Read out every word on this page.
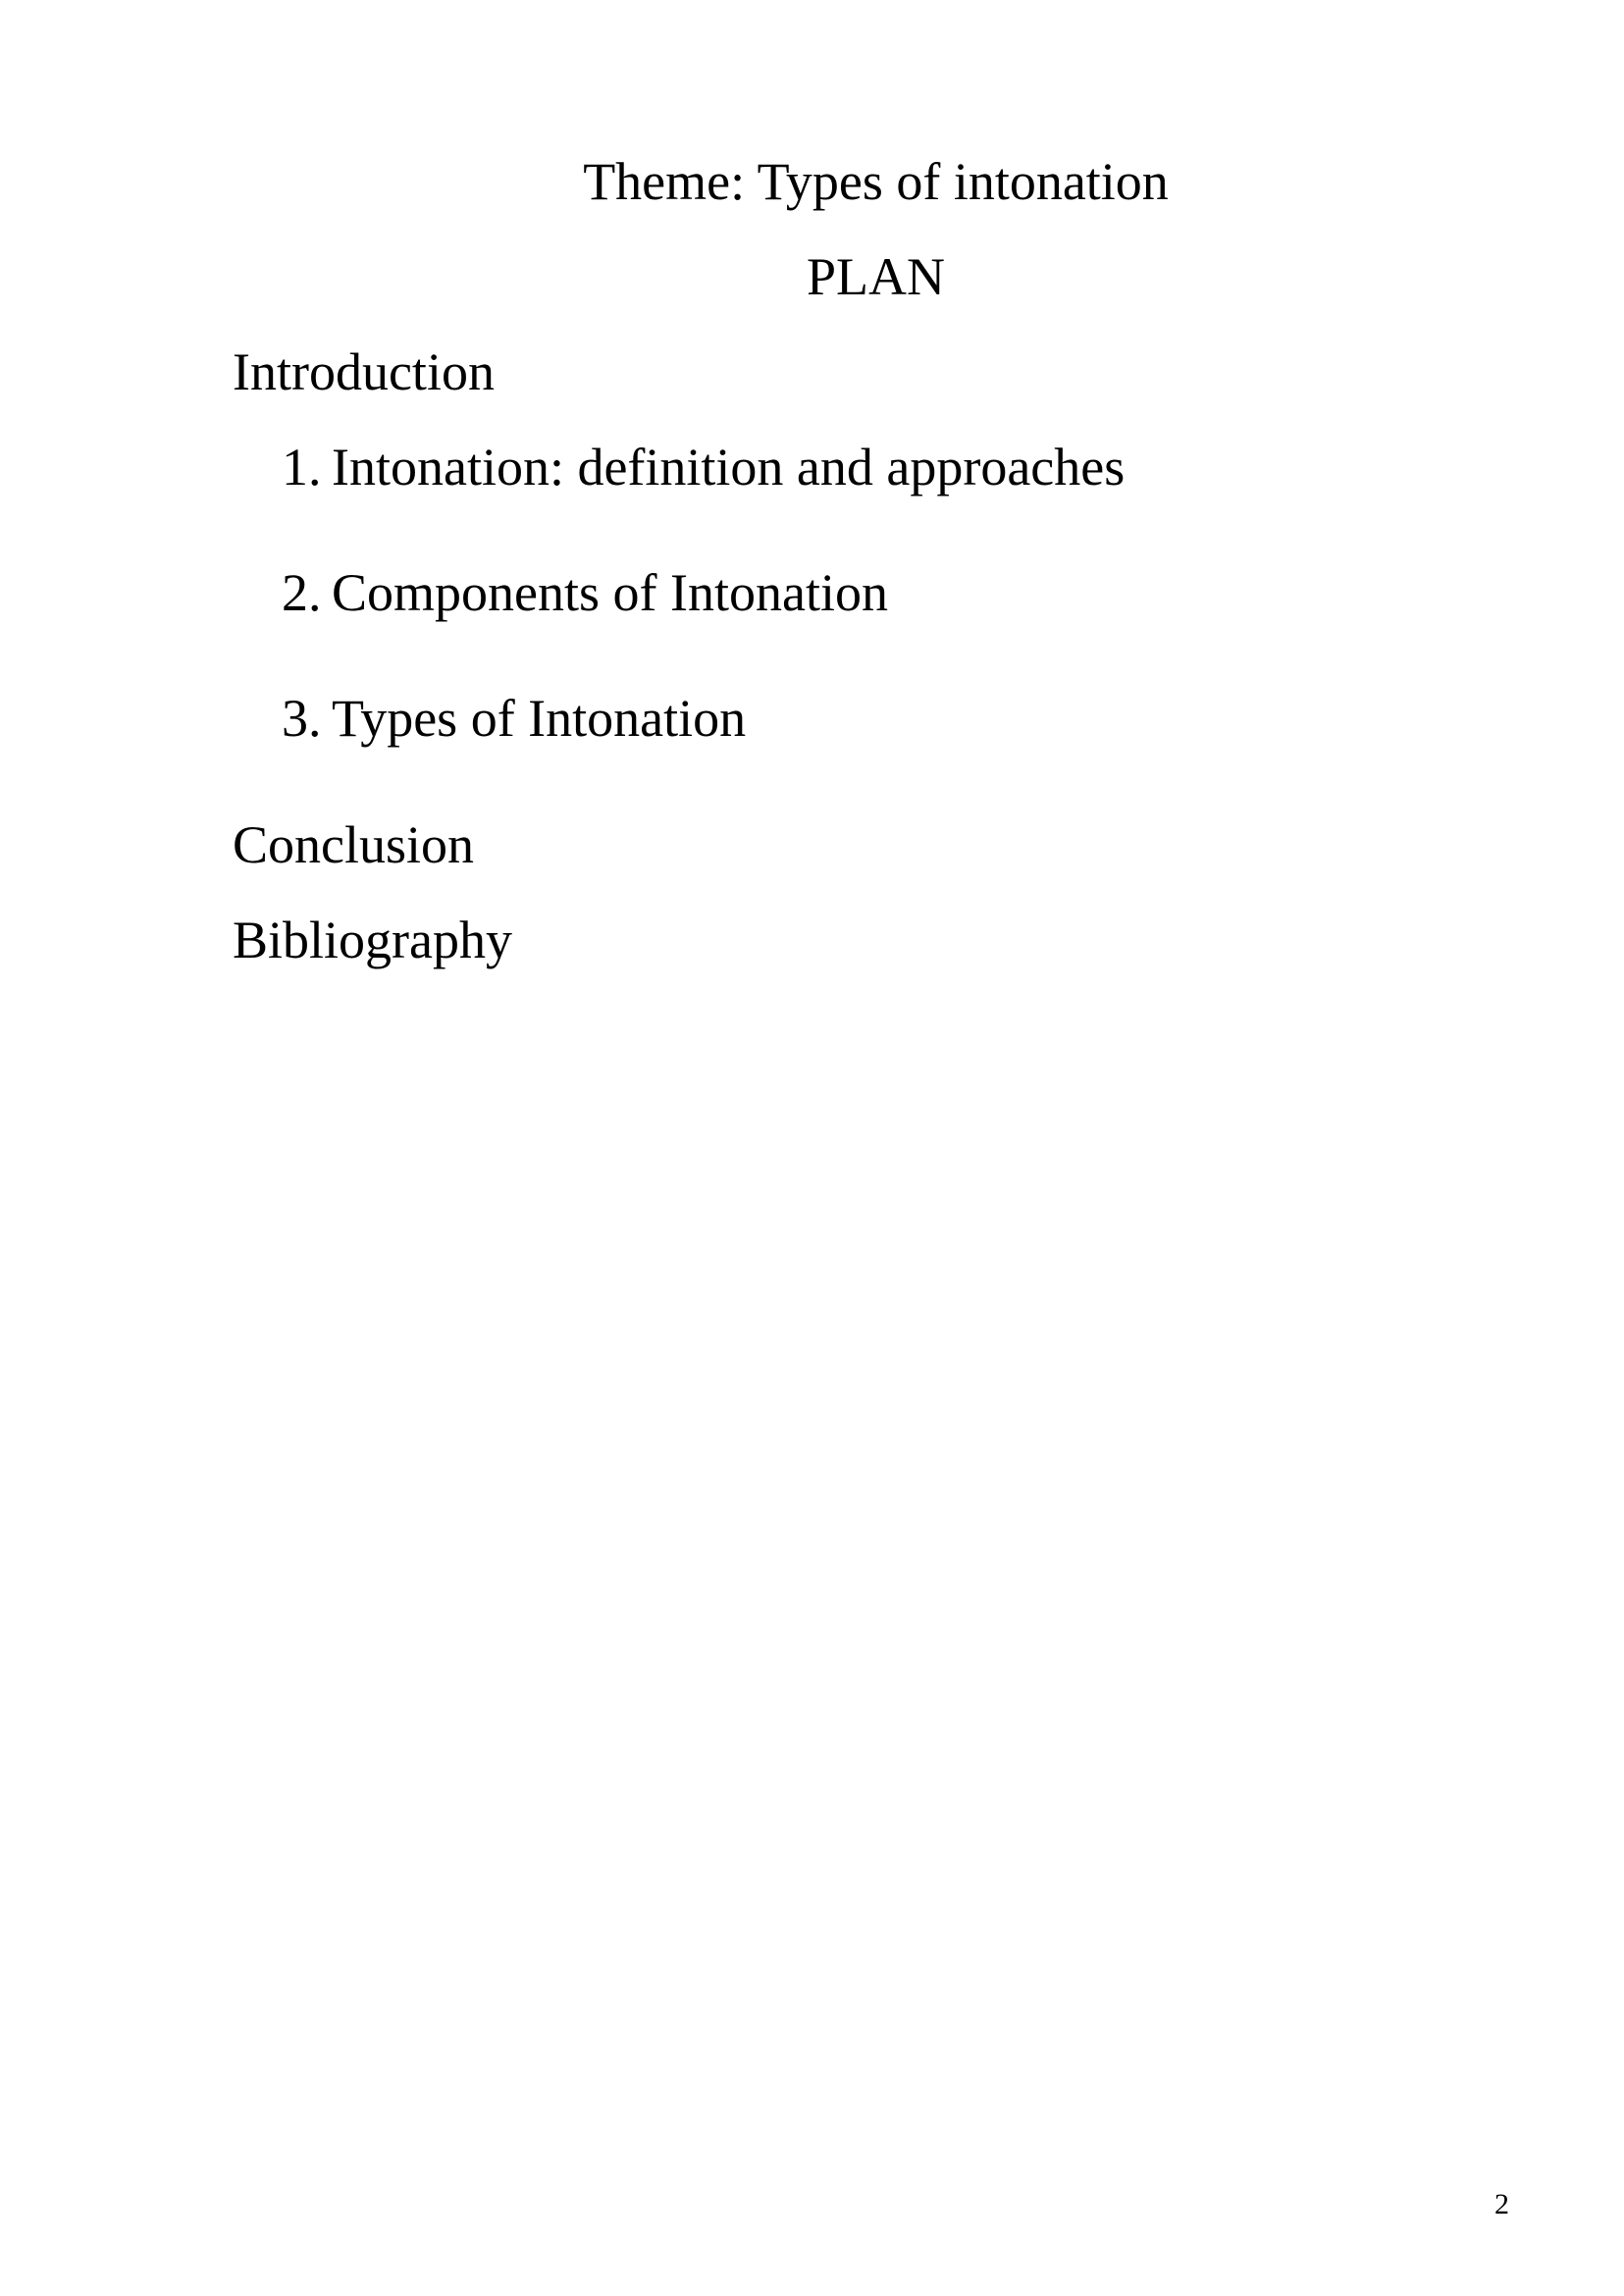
Theme: Types of intonation
PLAN
Introduction
1. Intonation: definition and approaches
2. Components of Intonation
3. Types of Intonation
Conclusion
Bibliography
2
